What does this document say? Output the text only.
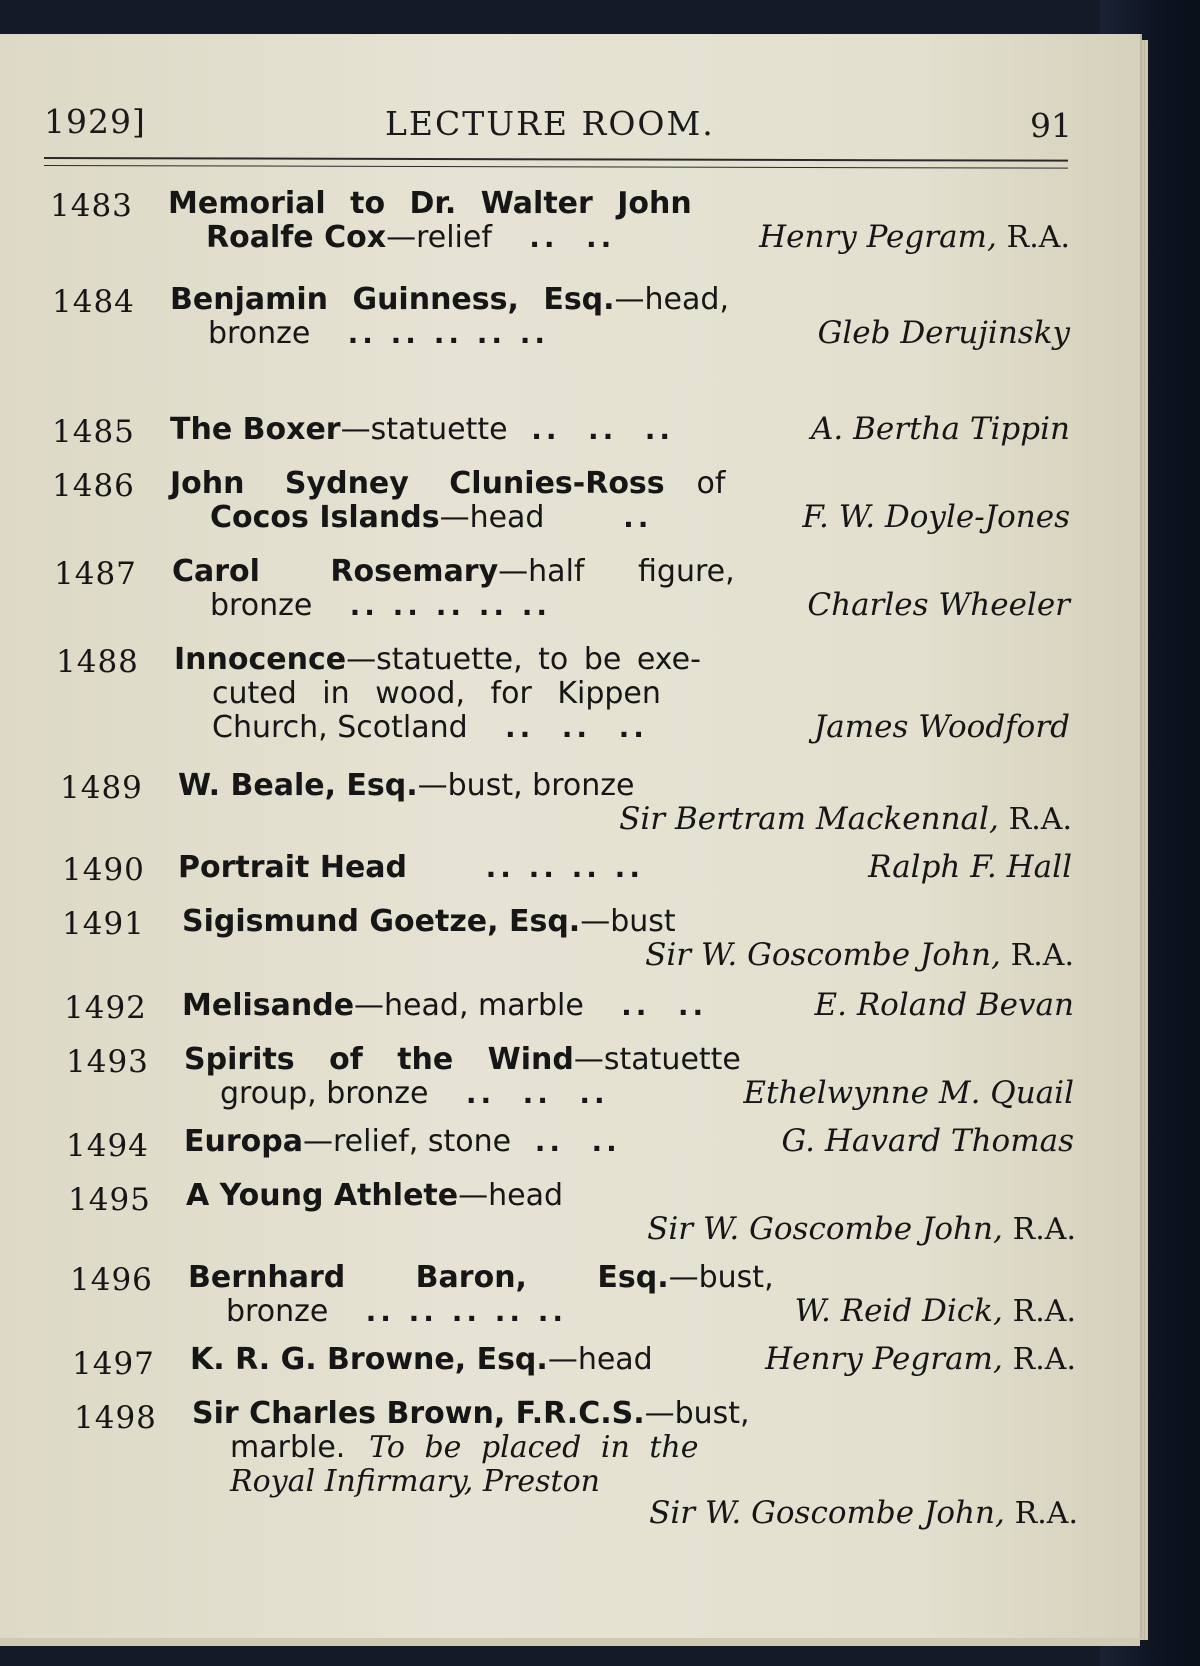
1929]	LECTURE ROOM.	91
1483 Memorial to Dr. Walter John
Roalfe Cox—relief   ..  ..	Henry Pegram, R.A.
1484 Benjamin Guinness, Esq.—head,
bronze   .. .. .. .. ..	Gleb Derujinsky
1485 The Boxer—statuette  ..  ..  ..	A. Bertha Tippin
1486 John Sydney Clunies-Ross of
Cocos Islands—head      ..	F. W. Doyle-Jones
1487 Carol Rosemary—half figure,
bronze   .. .. .. .. ..	Charles Wheeler
1488 Innocence—statuette, to be exe-
cuted in wood, for Kippen
Church, Scotland   ..  ..  ..	James Woodford
1489 W. Beale, Esq.—bust, bronze
Sir Bertram Mackennal, R.A.
1490 Portrait Head      .. .. .. ..	Ralph F. Hall
1491 Sigismund Goetze, Esq.—bust
Sir W. Goscombe John, R.A.
1492 Melisande—head, marble   ..  ..	E. Roland Bevan
1493 Spirits of the Wind—statuette
group, bronze   ..  ..  ..	Ethelwynne M. Quail
1494 Europa—relief, stone  ..  ..	G. Havard Thomas
1495 A Young Athlete—head
Sir W. Goscombe John, R.A.
1496 Bernhard Baron, Esq.—bust,
bronze   .. .. .. .. ..	W. Reid Dick, R.A.
1497 K. R. G. Browne, Esq.—head	Henry Pegram, R.A.
1498 Sir Charles Brown, F.R.C.S.—bust,
marble. To be placed in the
Royal Infirmary, Preston
Sir W. Goscombe John, R.A.
